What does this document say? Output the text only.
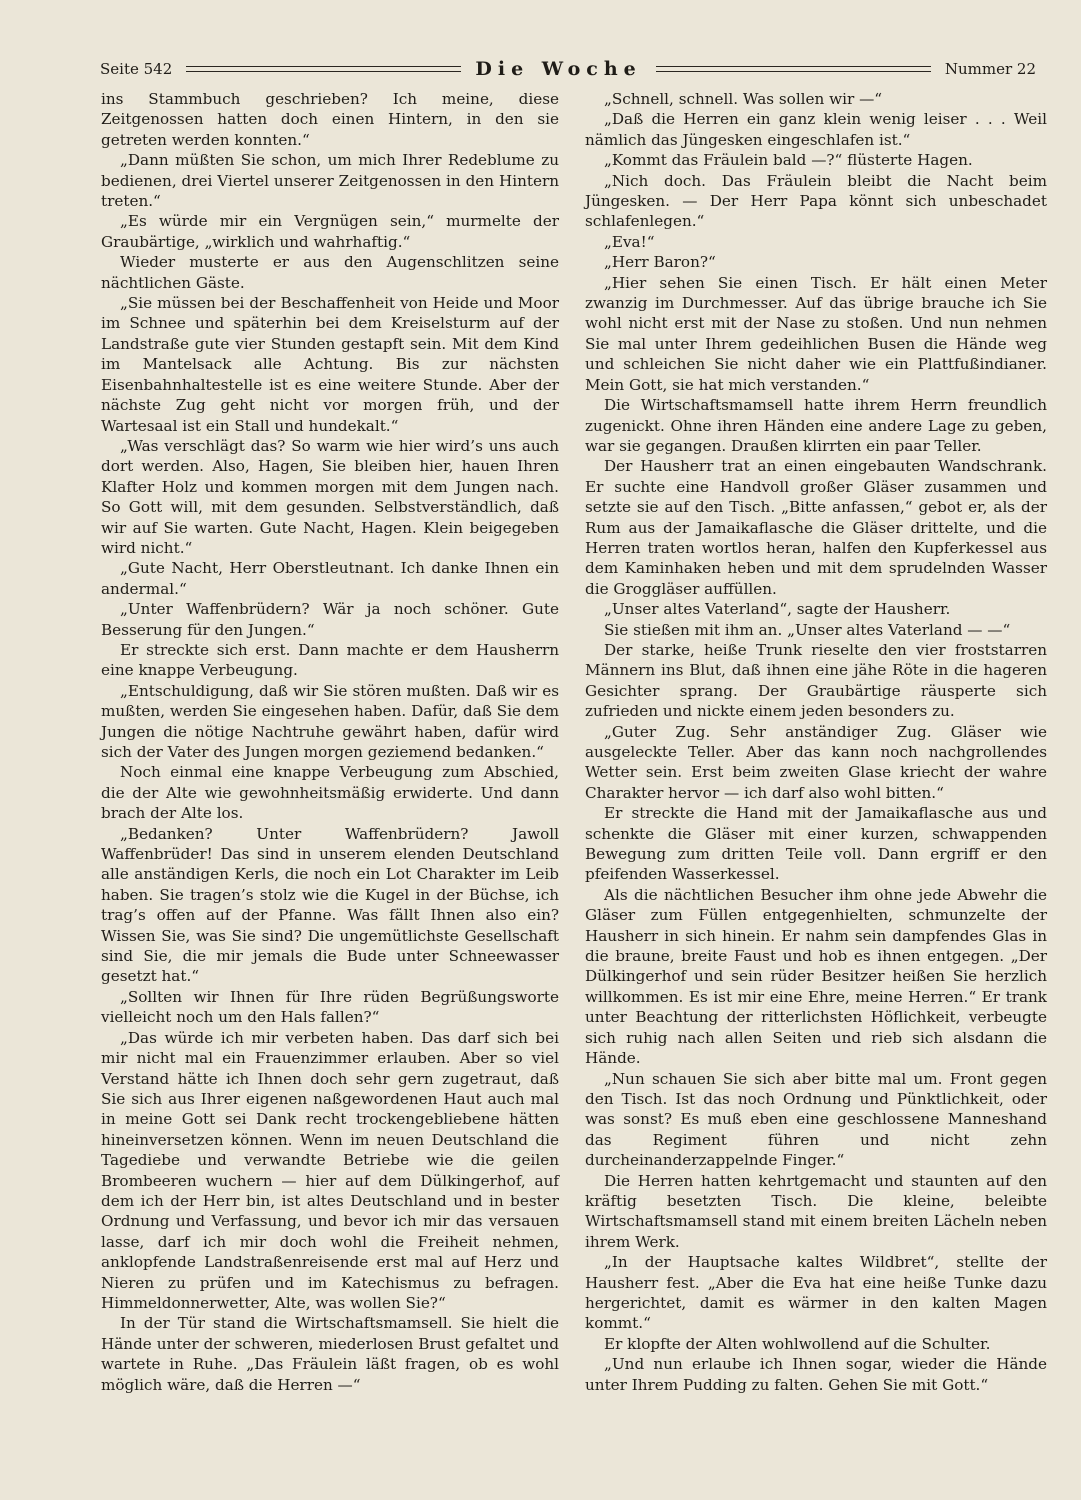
Seite 542	Die Woche	Nummer 22

ins Stammbuch geschrieben? Ich meine, diese Zeitgenossen hatten doch einen Hintern, in den sie getreten werden konnten.“

„Dann müßten Sie schon, um mich Ihrer Redeblume zu bedienen, drei Viertel unserer Zeitgenossen in den Hintern treten.“

„Es würde mir ein Vergnügen sein,“ murmelte der Graubärtige, „wirklich und wahrhaftig.“

Wieder musterte er aus den Augenschlitzen seine nächtlichen Gäste.

„Sie müssen bei der Beschaffenheit von Heide und Moor im Schnee und späterhin bei dem Kreiselsturm auf der Landstraße gute vier Stunden gestapft sein. Mit dem Kind im Mantelsack alle Achtung. Bis zur nächsten Eisenbahnhaltestelle ist es eine weitere Stunde. Aber der nächste Zug geht nicht vor morgen früh, und der Wartesaal ist ein Stall und hundekalt.“

„Was verschlägt das? So warm wie hier wird’s uns auch dort werden. Also, Hagen, Sie bleiben hier, hauen Ihren Klafter Holz und kommen morgen mit dem Jungen nach. So Gott will, mit dem gesunden. Selbstverständlich, daß wir auf Sie warten. Gute Nacht, Hagen. Klein beigegeben wird nicht.“

„Gute Nacht, Herr Oberstleutnant. Ich danke Ihnen ein andermal.“

„Unter Waffenbrüdern? Wär ja noch schöner. Gute Besserung für den Jungen.“

Er streckte sich erst. Dann machte er dem Hausherrn eine knappe Verbeugung.

„Entschuldigung, daß wir Sie stören mußten. Daß wir es mußten, werden Sie eingesehen haben. Dafür, daß Sie dem Jungen die nötige Nachtruhe gewährt haben, dafür wird sich der Vater des Jungen morgen geziemend bedanken.“

Noch einmal eine knappe Verbeugung zum Abschied, die der Alte wie gewohnheitsmäßig erwiderte. Und dann brach der Alte los.

„Bedanken? Unter Waffenbrüdern? Jawoll Waffenbrüder! Das sind in unserem elenden Deutschland alle anständigen Kerls, die noch ein Lot Charakter im Leib haben. Sie tragen’s stolz wie die Kugel in der Büchse, ich trag’s offen auf der Pfanne. Was fällt Ihnen also ein? Wissen Sie, was Sie sind? Die ungemütlichste Gesellschaft sind Sie, die mir jemals die Bude unter Schneewasser gesetzt hat.“

„Sollten wir Ihnen für Ihre rüden Begrüßungsworte vielleicht noch um den Hals fallen?“

„Das würde ich mir verbeten haben. Das darf sich bei mir nicht mal ein Frauenzimmer erlauben. Aber so viel Verstand hätte ich Ihnen doch sehr gern zugetraut, daß Sie sich aus Ihrer eigenen naßgewordenen Haut auch mal in meine Gott sei Dank recht trockengebliebene hätten hineinversetzen können. Wenn im neuen Deutschland die Tagediebe und verwandte Betriebe wie die geilen Brombeeren wuchern — hier auf dem Dülkingerhof, auf dem ich der Herr bin, ist altes Deutschland und in bester Ordnung und Verfassung, und bevor ich mir das versauen lasse, darf ich mir doch wohl die Freiheit nehmen, anklopfende Landstraßenreisende erst mal auf Herz und Nieren zu prüfen und im Katechismus zu befragen. Himmeldonnerwetter, Alte, was wollen Sie?“

In der Tür stand die Wirtschaftsmamsell. Sie hielt die Hände unter der schweren, miederlosen Brust gefaltet und wartete in Ruhe. „Das Fräulein läßt fragen, ob es wohl möglich wäre, daß die Herren —“

„Schnell, schnell. Was sollen wir —“

„Daß die Herren ein ganz klein wenig leiser . . . Weil nämlich das Jüngesken eingeschlafen ist.“

„Kommt das Fräulein bald —?“ flüsterte Hagen.

„Nich doch. Das Fräulein bleibt die Nacht beim Jüngesken. — Der Herr Papa könnt sich unbeschadet schlafenlegen.“

„Eva!“

„Herr Baron?“

„Hier sehen Sie einen Tisch. Er hält einen Meter zwanzig im Durchmesser. Auf das übrige brauche ich Sie wohl nicht erst mit der Nase zu stoßen. Und nun nehmen Sie mal unter Ihrem gedeihlichen Busen die Hände weg und schleichen Sie nicht daher wie ein Plattfußindianer. Mein Gott, sie hat mich verstanden.“

Die Wirtschaftsmamsell hatte ihrem Herrn freundlich zugenickt. Ohne ihren Händen eine andere Lage zu geben, war sie gegangen. Draußen klirrten ein paar Teller.

Der Hausherr trat an einen eingebauten Wandschrank. Er suchte eine Handvoll großer Gläser zusammen und setzte sie auf den Tisch. „Bitte anfassen,“ gebot er, als der Rum aus der Jamaikaflasche die Gläser drittelte, und die Herren traten wortlos heran, halfen den Kupferkessel aus dem Kaminhaken heben und mit dem sprudelnden Wasser die Groggläser auffüllen.

„Unser altes Vaterland“, sagte der Hausherr.

Sie stießen mit ihm an. „Unser altes Vaterland — —“

Der starke, heiße Trunk rieselte den vier froststarren Männern ins Blut, daß ihnen eine jähe Röte in die hageren Gesichter sprang. Der Graubärtige räusperte sich zufrieden und nickte einem jeden besonders zu.

„Guter Zug. Sehr anständiger Zug. Gläser wie ausgeleckte Teller. Aber das kann noch nachgrollendes Wetter sein. Erst beim zweiten Glase kriecht der wahre Charakter hervor — ich darf also wohl bitten.“

Er streckte die Hand mit der Jamaikaflasche aus und schenkte die Gläser mit einer kurzen, schwappenden Bewegung zum dritten Teile voll. Dann ergriff er den pfeifenden Wasserkessel.

Als die nächtlichen Besucher ihm ohne jede Abwehr die Gläser zum Füllen entgegenhielten, schmunzelte der Hausherr in sich hinein. Er nahm sein dampfendes Glas in die braune, breite Faust und hob es ihnen entgegen. „Der Dülkingerhof und sein rüder Besitzer heißen Sie herzlich willkommen. Es ist mir eine Ehre, meine Herren.“ Er trank unter Beachtung der ritterlichsten Höflichkeit, verbeugte sich ruhig nach allen Seiten und rieb sich alsdann die Hände.

„Nun schauen Sie sich aber bitte mal um. Front gegen den Tisch. Ist das noch Ordnung und Pünktlichkeit, oder was sonst? Es muß eben eine geschlossene Manneshand das Regiment führen und nicht zehn durcheinanderzappelnde Finger.“

Die Herren hatten kehrtgemacht und staunten auf den kräftig besetzten Tisch. Die kleine, beleibte Wirtschaftsmamsell stand mit einem breiten Lächeln neben ihrem Werk.

„In der Hauptsache kaltes Wildbret“, stellte der Hausherr fest. „Aber die Eva hat eine heiße Tunke dazu hergerichtet, damit es wärmer in den kalten Magen kommt.“

Er klopfte der Alten wohlwollend auf die Schulter.

„Und nun erlaube ich Ihnen sogar, wieder die Hände unter Ihrem Pudding zu falten. Gehen Sie mit Gott.“
